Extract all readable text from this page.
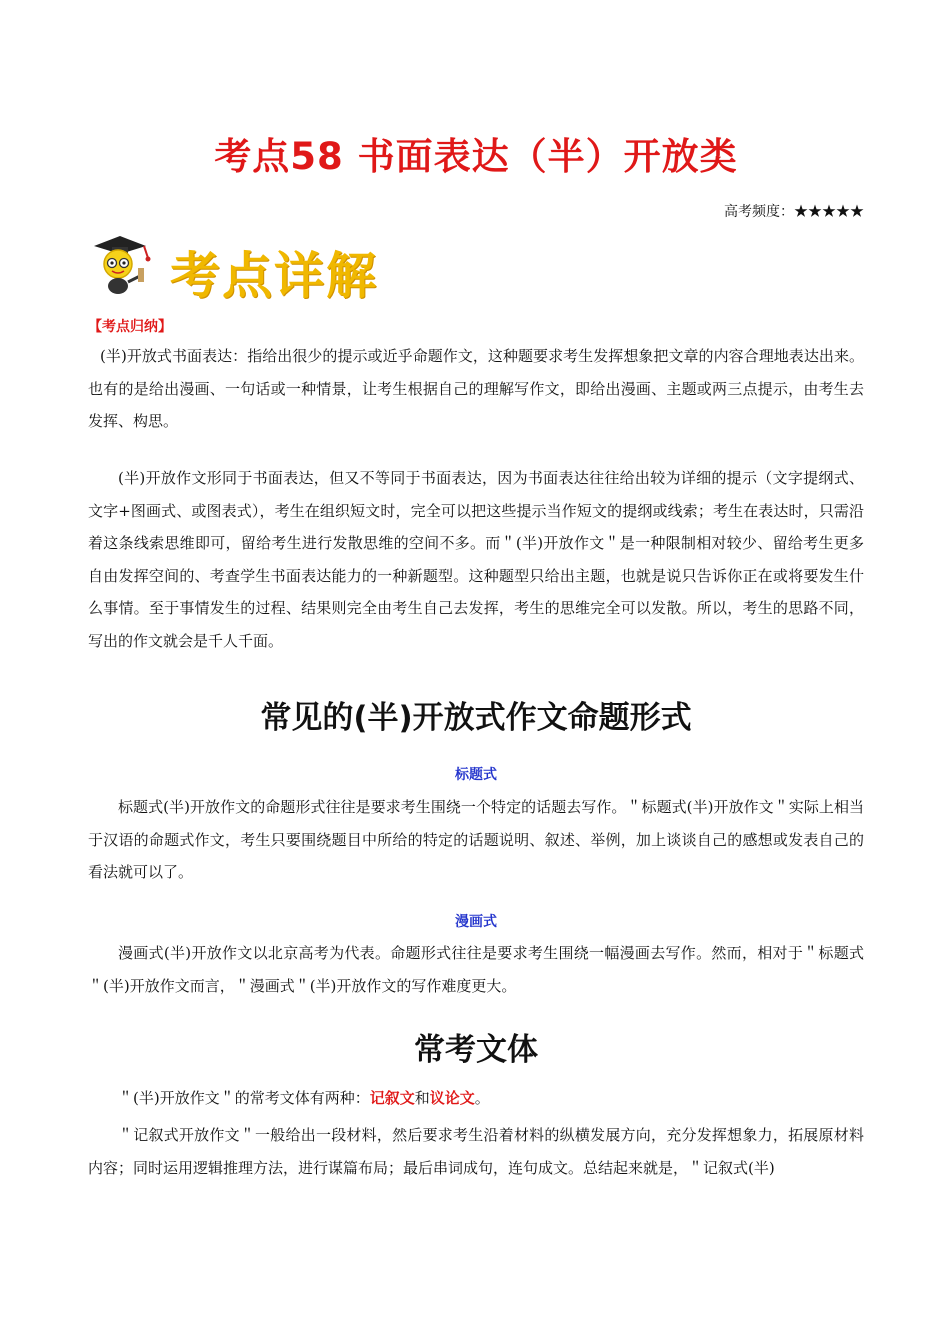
考点58 书面表达（半）开放类
高考频度：★★★★★
考点详解
【考点归纳】

(半)开放式书面表达：指给出很少的提示或近乎命题作文，这种题要求考生发挥想象把文章的内容合理地表达出来。也有的是给出漫画、一句话或一种情景，让考生根据自己的理解写作文，即给出漫画、主题或两三点提示，由考生去发挥、构思。

(半)开放作文形同于书面表达，但又不等同于书面表达，因为书面表达往往给出较为详细的提示（文字提纲式、文字+图画式、或图表式），考生在组织短文时，完全可以把这些提示当作短文的提纲或线索；考生在表达时，只需沿着这条线索思维即可，留给考生进行发散思维的空间不多。而＂(半)开放作文＂是一种限制相对较少、留给考生更多自由发挥空间的、考查学生书面表达能力的一种新题型。这种题型只给出主题，也就是说只告诉你正在或将要发生什么事情。至于事情发生的过程、结果则完全由考生自己去发挥，考生的思维完全可以发散。所以，考生的思路不同，写出的作文就会是千人千面。

常见的(半)开放式作文命题形式
标题式

标题式(半)开放作文的命题形式往往是要求考生围绕一个特定的话题去写作。＂标题式(半)开放作文＂实际上相当于汉语的命题式作文，考生只要围绕题目中所给的特定的话题说明、叙述、举例，加上谈谈自己的感想或发表自己的看法就可以了。

漫画式

漫画式(半)开放作文以北京高考为代表。命题形式往往是要求考生围绕一幅漫画去写作。然而，相对于＂标题式＂(半)开放作文而言，＂漫画式＂(半)开放作文的写作难度更大。

常考文体

＂(半)开放作文＂的常考文体有两种：记叙文和议论文。

＂记叙式开放作文＂一般给出一段材料，然后要求考生沿着材料的纵横发展方向，充分发挥想象力，拓展原材料内容；同时运用逻辑推理方法，进行谋篇布局；最后串词成句，连句成文。总结起来就是，＂记叙式(半)
